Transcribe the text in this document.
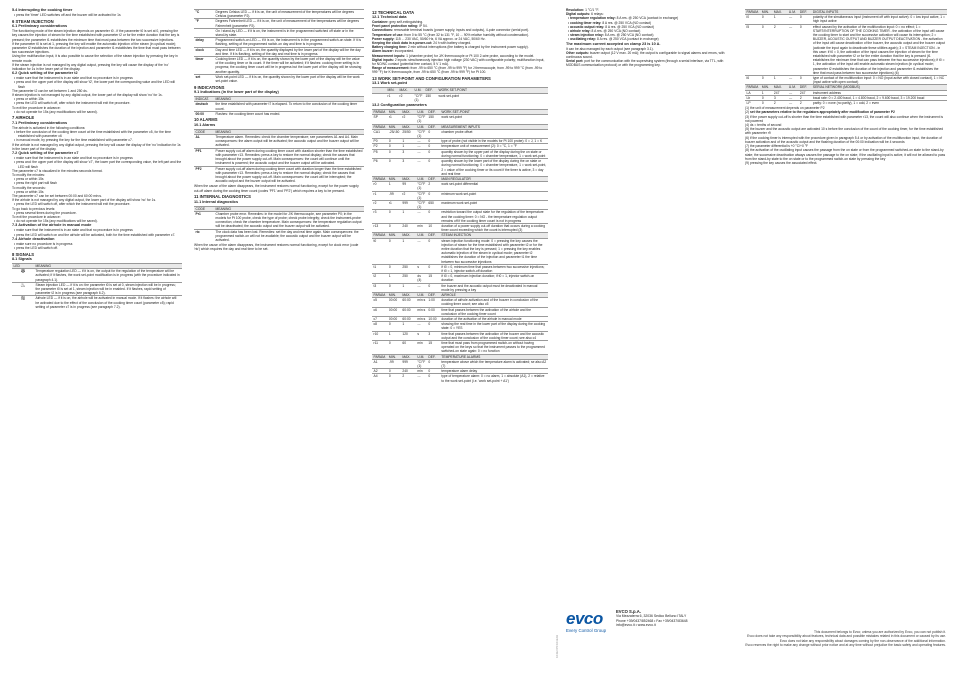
5.4 Interrupting the cooking timer

• press the 'timer' LED switches off and the buzzer will be activated for 1s

6 STEAM INJECTION
6.1 Preliminary considerations

The functioning mode of the steam injection depends on parameter t0 - if the parameter t0 is set at 0, pressing the key causes the injection of steam for the time established with parameter t2 or for the entire duration that the key is pressed; the parameter t1 establishes the minimum time that must pass between the two successive injections.

If the parameter t0 is set at 1, pressing the key will enable the automatic injection of the steam (in cyclical mode); parameter t2 establishes the duration of the injection and parameter t1 establishes the time that must pass between two successive injections.

Using the multifunction input, it is also possible to cause the selection of the steam injection by pressing the key in remote mode.

If the steam injection is not managed by any digital output, pressing the key will cause the display of the 'no' indication for 1s in the lower part of the display.

6.2 Quick setting of the parameter t2

• make sure that the instrument is in an state and that no procedure is in progress

• press and: the upper part of the display will show 't2', the lower part the corresponding value and the LED will flash

The parameter t2 can be set between 1 and 250 ds.

If steam injection is not managed by any digital output, the lower part of the display will show 'no' for 1s.

• press or within 15s

• press the LED will switch off, after which the instrument will exit the procedure.

To exit the procedure in advance:

• do not operate for 15s (any modifications will be saved).

7 AIRHOLE
7.1 Preliminary considerations

The airhole is activated in the following conditions:

• before the conclusion of the cooking timer count at the time established with the parameter c5, for the time established with parameter c6

• in manual mode, by pressing the key for the time established with parameter c7.

If the airhole is not managed by any digital output, pressing the key will cause the display of the 'no' indication for 1s in the lower part of the display.

7.2 Quick setting of the parameter c7

• make sure that the instrument is in an state and that no procedure is in progress

• press and: the upper part of the display will show 'c7', the lower part the corresponding value, the left part and the LED will flash

The parameter c7 is visualized in the minutes:seconds format.

To modify the minutes:

• press or within 15s

• press the right part will flash

To modify the seconds:

• press or within 15s

The parameter c7 can be set between 00:00 and 60:00 min:s.

If the airhole is not managed by any digital output, the lower part of the display will show 'no' for 1s.

• press the LED will switch off, after which the instrument will exit the procedure.

To go back to previous levels:

• press several times during the procedure.

To exit the procedure in advance:

• do not operate for 15s (any modifications will be saved).

7.3 Activation of the airhole in manual mode

• make sure that the instrument is in an state and that no procedure is in progress

• press the LED will switch on and the airhole will be activated, both for the time established with parameter c7.

7.4 Airhole deactivation

• make sure no procedure is in progress

• press the LED will switch off.

8 SIGNALS
8.1 Signals
LED	MEANING
❄	Temperature regulation LED — if it is on, the output for the regulation of the temperature will be activated; if it flashes, the work set-point modification is in progress (with the procedure indicated in paragraph 4.1).
♨	Steam injection LED — if it is on: the parameter t0 is set at 0, steam injection will be in progress; the parameter t0 is set at 1, steam injection will be in enabled. If it flashes, rapid setting of parameter t2 is in progress (see paragraph 6.2).
≋	Airhole LED — if it is on, the airhole will be activated in manual mode. If it flashes: the airhole will be activated due to the effect of the conclusion of the cooking timer count (parameter c5); rapid setting of parameter c7 is in progress (see paragraph 7.2).
°C	Degrees Celsius LED — if it is on, the unit of measurement of the temperatures will be degrees Celsius (parameter P2).
°F	Degrees Fahrenheit LED — if it is on, the unit of measurement of the temperatures will be degrees Fahrenheit (parameter P2).
	On / stand-by LED — if it is on, the instrument is in the programmed switched off state or in the stand-by state.
delay	Programmed switch-on LED — if it is on, the instrument is in the programmed switch-on state. If it is flashing, setting of the programmed switch-on day and time is in progress.
clock	Day and time LED — if it is on, the quantity displayed by the lower part of the display will be the day and time. If it is flashing, setting of the day and real time is in progress.
timer	Cooking timer LED — if it is on, the quantity shown by the lower part of the display will be the value of the cooking timer or its count. If the timer will be activated; if it flashes: cooking timer setting is in progress; the cooking timer count will be in progress but the lower part of the display will be showing another quantity.
set	Work set-point LED — if it is on, the quantity shown by the lower part of the display will be the work set-point value.
9 INDICATIONS
9.1 Indications (in the lower part of the display)
INDICAT.	MEANING
deutsch	the time established with parameter t7 is elapsed. To return to the conclusion of the cooking timer count.
00:00	Flashes: the cooking timer count has ended.
10 ALARMS
10.1 Alarms
CODE	MEANING
AL	Temperature alarm. Remedies: check the chamber temperature; see parameters A1 and A4. Main consequences: the alarm output will be activated; the acoustic output and the buzzer output will be activated.
PF1	Power supply cut-off alarm during cooking timer count with duration shorter than the time established with parameter r13. Remedies: press a key to restore the normal display; check the causes that brought about the power supply cut-off. Main consequences: the count will continue until the instrument is powered; the acoustic output and the buzzer output will be activated.
PF2	Power supply cut-off alarm during cooking timer count with duration longer than the time established with parameter r13. Remedies: press a key to restore the normal display; check the causes that brought about the power supply cut-off. Main consequences: the count will be interrupted; the acoustic output and the buzzer output will be activated.

When the cause of the alarm disappears, the instrument restores normal functioning, except for the power supply cut-off alarm during the cooking timer count (codes 'PF1' and 'PF2') which requires a key to be pressed.

11 INTERNAL DIAGNOSTICS
11.1 Internal diagnostics
CODE	MEANING
Pr1	Chamber probe error. Remedies: in the model for J/K thermocouple, see parameter P0; in the models for Pt 100 probe, check the type of probe; check probe integrity; check the instrument-probe connection; check the chamber temperature. Main consequences: the temperature regulation output will be deactivated; the acoustic output and the buzzer output will be activated.
rtc	The clock data has been lost. Remedies: set the day and real time again. Main consequences: the programmed switch-on will not be available; the acoustic output and the buzzer output will be activated.

When the cause of the alarm disappears, the instrument restores normal functioning, except for clock error (code 'rtc') which requires the day and real time to be set.

12 TECHNICAL DATA
12.1 Technical data

Container: grey self-extinguishing.

Front panel protection rating: IP 54.

Connections: removable terminal boards (power supply, inputs and outputs), 4-pole connector (serial port).

Temperature of use: from 0 to 55 °C (from 32 to 131 °F, 10 ... 90% relative humidity without condensation).

Power supply: 115 ... 230 VAC, 50/60 Hz, 6 VA approx. or 24 VAC, 50/60 Hz.

Keeping the clock data in a power-cut: 24 h with battery charged.

Battery charging time: 2 min without interruptions (the battery is charged by the instrument power supply).

Alarm buzzer: incorporated.

Measurement inputs: 1 (chamber probe) for J/K thermocouple or Pt 100 2-wire probe, according to the model.

Digital inputs: 2 inputs: simultaneously injection high voltage (230 VAC) with configurable polarity; multifunction input, for NO/NC contact (potential free contact, 5 V 1 mA).

Range of measurement: from -99 to 650 °C (from -99 to 999 °F) for J thermocouple, from -99 to 999 °C (from -99 to 999 °F) for K thermocouple, from -99 to 650 °C (from -99 to 999 °F) for Pt 100.

13 WORK SET-POINT AND CONFIGURATION PARAMETERS
13.1 Work set-point
	MIN.	MAX.	U.M.	DEF.	WORK SET-POINT
	r1	r2	°C/°F (1)	150	work set-point
13.2 Configuration parameters
PARAM.	MIN.	MAX.	U.M.	DEF.	WORK SET-POINT
SP	r1	r2	°C/°F (1)	150	work set-point
PARAM.	MIN.	MAX.	U.M.	DEF.	MEASUREMENT INPUTS
CA1	-25/-50	25/50	°C/°F (1)	0	chamber probe offset
P0	0	1	---	0	type of probe (not visible in the models for Pt 100 probe): 0 = J, 1 = K
P2	0	1	---	0	temperature unit of measurement (2): 0 = °C, 1 = °F
P5	0	3	---	0	quantity shown by the upper part of the display during the on state or during normal functioning: 0 = chamber temperature, 1 = work set-point
P6	0	3	---	0	quantity shown by the lower part of the display during the on state or during normal functioning: 0 = chamber temperature, 1 = work set-point, 2 = value of the cooking timer or its count if the timer is active, 3 = day and real time
PARAM.	MIN.	MAX.	U.M.	DEF.	MAIN REGULATOR
r0	1	99	°C/°F (1)	2	work set-point differential
r1	-99	r2	°C/°F (1)	0	minimum work set-point
r2	r1	999	°C/°F (1)	650	maximum work set-point
r3	0	1	---	0	restriction toward the output state for the regulation of the temperature and the cooking timer: 0 = NO - the temperature regulation output remains off if the cooking timer count is not in progress
r13	0	240	min	10	duration of a power supply cut-off duration that occurs during a cooking timer count exceeding which the count is interrupted (3)
PARAM.	MIN.	MAX.	U.M.	DEF.	STEAM INJECTION
t0	0	1	---	0	steam injection functioning mode: 0 = pressing the key causes the injection of steam for the time established with parameter t2 or for the entire duration that the key is pressed; 1 = pressing the key enables automatic injection of the steam in cyclical mode; parameter t2 establishes the duration of the injection and parameter t1 the time between two successive injections
t1	0	250	s	0	if t0 = 0, minimum time that passes between two successive injections; if t0 = 1, injector switch-off duration
t2	1	250	ds (4)	15	if t0 = 0, maximum injection duration; if t0 = 1, injector switch-on duration
t3	0	1	---	0	the buzzer and the acoustic output must be deactivated in manual mode by pressing a key
PARAM.	MIN.	MAX.	U.M.	DEF.	AIRHOLE
c5	00:00	60:00	min:s	1:00	duration of airhole activation and of the buzzer in conclusion of the cooking timer count; see also c5
c6	00:00	60:00	min:s	0:00	time that passes between the activation of the airhole and the conclusion of the cooking timer count
c7	00:00	60:00	min:s	10:00	duration of the activation of the airhole in manual mode
c8	0	1	---	0	showing the real time in the lower part of the display during the cooking state: 0 = YES
r10	1	120	s	3	time that passes between the activation of the buzzer and the acoustic output and the conclusion of the cooking timer count; see also c4
r11	0	60	min	15	time that must pass from programmed switch-on without having operated on the keys so that the instrument passes to the programmed switched-on state again: 0 = no function
PARAM.	MIN.	MAX.	U.M.	DEF.	TEMPERATURE ALARMS
A1	-99	999	°C/°F (1)	0	temperature above which the temperature alarm is activated; se also A2 (7)
A2	0	240	min	0	temperature alarm delay
A4	0	2	---	0	type of temperature alarm: 0 = no alarm, 1 = absolute (A1), 2 = relative to the work set-point (i.e. 'work set-point + A1')

Resolution: 1 °C/1 °F.

Digital outputs: 6 relays:

• temperature regulation relay: 8 A res. @ 250 VCA (contact in exchange)

• cooking timer relay: 8 A res. @ 250 VCA (NO contact)

• acoustic output relay: 8 A res. @ 250 VCA (NO contact)

• airhole relay: 8 A res. @ 250 VCA (NO contact)

• steam injection relay: 8 A res. @ 250 VCA (NO contact)

• oscillating relay: 8 A res. @ 250 VCA (contact in exchange)

The maximum current accepted on clamp 23 is 10 A.

It can be also managed by each output (see paragraph 3.1).

Other outputs: buzzer output (12 V max. 20 mA); the output is configurable to signal alarms and errors, with continuous sound.

Serial port: port for the communication with the supervising system (through a serial interface, via TTL, with MODBUS communication protocol) or with the programming key.

PARAM.	MIN.	MAX.	U.M.	DEF.	DIGITAL INPUTS
i0	0	1	---	0	polarity of the simultaneous input (instrument off with input active): 0 = low input active, 1 = high input active
i5	0	2	---	0	effect caused by the activation of the multifunction input: 0 = no effect; 1 = START/INTERRUPTION OF THE COOKING TIMER - the activation of the input will cause the cooking timer to start and the successive activation will cause its interruption; 2 = BUZZER, ACOUSTIC OUTPUT AND BUZZER OUTPUT DEACTIVATION - the activation of the input will cause deactivation of the buzzer, the acoustic output and the buzzer output (activate the input again to deactivate these utilities again); 3 = STEAM INJECTION - in this case: if t0 = 0, the activation of the input causes the injection of steam for the time established with parameter t2 or for the entire duration that the key is pressed (t1 establishes the minimum time that can pass between the two successive injections); if t0 = 1, the activation of the input will enable automatic steam injection (in cyclical mode; parameter t2 establishes the duration of the injection and parameter t1 establishes the time that must pass between two successive injections) (6)
i6	0	1	---	0	type of contact of the multifunction input: 0 = NO (input active with closed contact), 1 = NC (input active with open contact)
PARAM.	MIN.	MAX.	U.M.	DEF.	SERIAL NETWORK (MODBUS)
LA	1	247	---	247	instrument address
Lb	0	3	---	2	baud rate: 0 = 2.400 baud, 1 = 4.800 baud, 2 = 9.600 baud, 3 = 19.200 baud
LP	0	2	---	2	parity: 0 = none (no parity), 1 = odd, 2 = even

(1) the unit of measurement depends on parameter P2

(2) set the parameters relative to the regulators appropriately after modification of parameter P2

(3) if the power supply cut-off is shorter than the time established with parameter r13, the count will also continue when the instrument is not powered

(4) ds = tenths of second

(5) the buzzer and the acoustic output are activated 10 s before the conclusion of the count of the cooking timer, for the time established with parameter r9

(6) if the cooking timer is interrupted with the procedure given in paragraph 5.4 or by activation of the multifunction input, the duration of buzzer activation and of the acoustic output and the flashing duration of the 00:00 indication will be 4 seconds

(7) the parameter differential is +0 °C/+0 °F

(8) the activation of the oscillating input causes the passage from the on state or from the programmed switched-on state to the stand-by state; the successive deactivation always causes the passage to the on state; if the oscillating input is active, it will not be allowed to pass from the stand-by state to the on state or to the programmed switch-on state by pressing the key

(9) pressing the key causes the associated effect.

104EVPF103E02
evco
Every Control Group
EVCO S.p.A.
Via Mezzaterra 6, 32036 Sedico Belluno ITALY
Phone +39/0437/852468 • Fax +39/0437/83648
info@evco.it • www.evco.it
This document belongs to Evco; unless you are authorized by Evco, you can not publish it.
Evco does not take any responsibility about features, technical data and possible mistakes related in this document or caused by its use.
Evco does not take any responsibility about damages coming by the non-observance of the additional information.
Evco reserves the right to make any change without prior notice and at any time without prejudice the basic safety and operating features.
